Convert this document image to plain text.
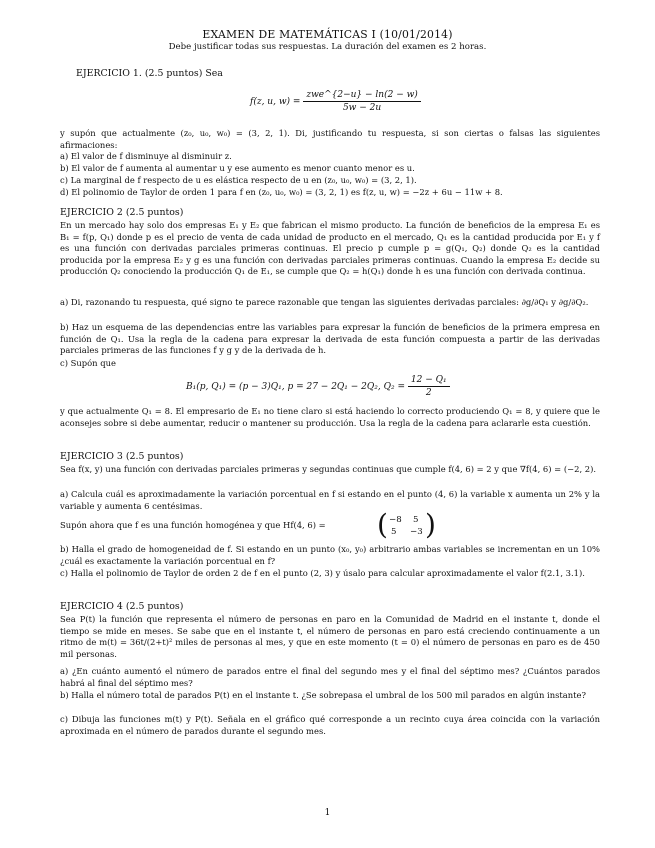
EXAMEN DE MATEMÁTICAS I (10/01/2014)
Debe justificar todas sus respuestas. La duración del examen es 2 horas.
EJERCICIO 1. (2.5 puntos) Sea
f(z, u, $w) = \frac{\text{zwe\textasciicircum{}\{2−u\} − ln(2 − w)}}{5w - 2u}$
y supón que actualmente (z₀, u₀, w₀) = (3, 2, 1). Di, justificando tu respuesta, si son ciertas o falsas las siguientes afirmaciones:
a) El valor de f disminuye al disminuir z.
b) El valor de f aumenta al aumentar u y ese aumento es menor cuanto menor es u.
c) La marginal de f respecto de u es elástica respecto de u en (z₀, u₀, w₀) = (3, 2, 1).
d) El polinomio de Taylor de orden 1 para f en (z₀, u₀, w₀) = (3, 2, 1) es f(z, u, w) = −2z + 6u − 11w + 8.
EJERCICIO 2 (2.5 puntos)
En un mercado hay solo dos empresas E₁ y E₂ que fabrican el mismo producto. La función de beneficios de la empresa E₁ es B₁ = f(p, Q₁) donde p es el precio de venta de cada unidad de producto en el mercado, Q₁ es la cantidad producida por E₁ y f es una función con derivadas parciales primeras continuas. El precio p cumple p = g(Q₁, Q₂) donde Q₂ es la cantidad producida por la empresa E₂ y g es una función con derivadas parciales primeras continuas. Cuando la empresa E₂ decide su producción Q₂ conociendo la producción Q₁ de E₁, se cumple que Q₂ = h(Q₁) donde h es una función con derivada continua.
a) Di, razonando tu respuesta, qué signo te parece razonable que tengan las siguientes derivadas parciales: ∂g/∂Q₁ y ∂g/∂Q₂.
b) Haz un esquema de las dependencias entre las variables para expresar la función de beneficios de la primera empresa en función de Q₁. Usa la regla de la cadena para expresar la derivada de esta función compuesta a partir de las derivadas parciales primeras de las funciones f y g y de la derivada de h.
c) Supón que
B₁(p, Q₁) = (p − 3)Q₁, p = 27 − 2Q₁ − 2Q₂, $Q_2 = \frac{\text{12 − Q₁}}{2}$
y que actualmente Q₁ = 8. El empresario de E₁ no tiene claro si está haciendo lo correcto produciendo Q₁ = 8, y quiere que le aconsejes sobre si debe aumentar, reducir o mantener su producción. Usa la regla de la cadena para aclararle esta cuestión.
EJERCICIO 3 (2.5 puntos)
Sea f(x, y) una función con derivadas parciales primeras y segundas continuas que cumple f(4, 6) = 2 y que ∇f(4, 6) = (−2, 2).
a) Calcula cuál es aproximadamente la variación porcentual en f si estando en el punto (4, 6) la variable x aumenta un 2% y la variable y aumenta 6 centésimas.
Supón ahora que f es una función homogénea y que Hf(4, 6) =	( −8 5
5 −3 )
b) Halla el grado de homogeneidad de f. Si estando en un punto (x₀, y₀) arbitrario ambas variables se incrementan en un 10% ¿cuál es exactamente la variación porcentual en f?
c) Halla el polinomio de Taylor de orden 2 de f en el punto (2, 3) y úsalo para calcular aproximadamente el valor f(2.1, 3.1).
EJERCICIO 4 (2.5 puntos)
Sea P(t) la función que representa el número de personas en paro en la Comunidad de Madrid en el instante t, donde el tiempo se mide en meses. Se sabe que en el instante t, el número de personas en paro está creciendo continuamente a un ritmo de m(t) = 36t/(2+t)² miles de personas al mes, y que en este momento (t = 0) el número de personas en paro es de 450 mil personas.
a) ¿En cuánto aumentó el número de parados entre el final del segundo mes y el final del séptimo mes? ¿Cuántos parados habrá al final del séptimo mes?
b) Halla el número total de parados P(t) en el instante t. ¿Se sobrepasa el umbral de los 500 mil parados en algún instante?
c) Dibuja las funciones m(t) y P(t). Señala en el gráfico qué corresponde a un recinto cuya área coincida con la variación aproximada en el número de parados durante el segundo mes.
1
